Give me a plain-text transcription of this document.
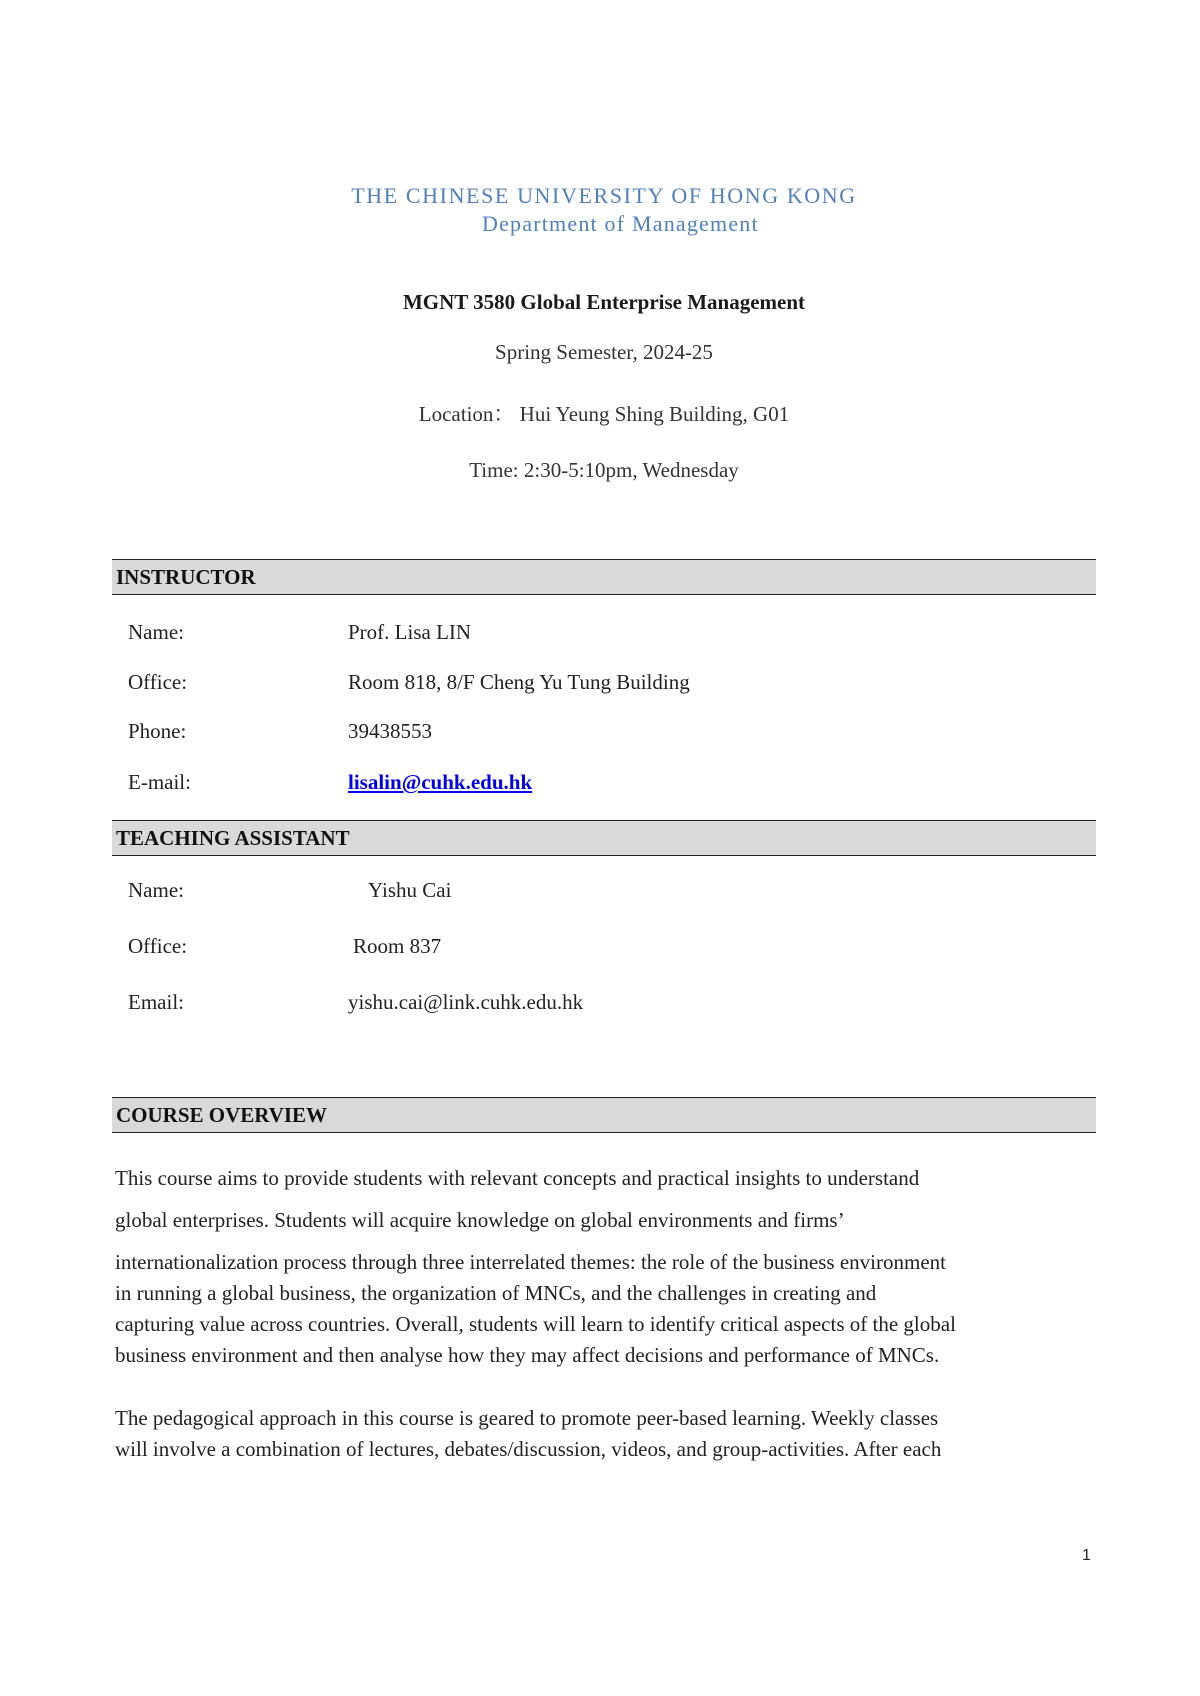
THE CHINESE UNIVERSITY OF HONG KONG
Department of Management
MGNT 3580 Global Enterprise Management
Spring Semester, 2024-25
Location： Hui Yeung Shing Building, G01
Time: 2:30-5:10pm, Wednesday
INSTRUCTOR
Name:	Prof. Lisa LIN
Office:	Room 818, 8/F Cheng Yu Tung Building
Phone:	39438553
E-mail:	lisalin@cuhk.edu.hk
TEACHING ASSISTANT
Name:	Yishu Cai
Office:	Room 837
Email:	yishu.cai@link.cuhk.edu.hk
COURSE OVERVIEW
This course aims to provide students with relevant concepts and practical insights to understand
global enterprises. Students will acquire knowledge on global environments and firms’
internationalization process through three interrelated themes: the role of the business environment
in running a global business, the organization of MNCs, and the challenges in creating and
capturing value across countries. Overall, students will learn to identify critical aspects of the global
business environment and then analyse how they may affect decisions and performance of MNCs.
The pedagogical approach in this course is geared to promote peer-based learning. Weekly classes
will involve a combination of lectures, debates/discussion, videos, and group-activities. After each
1
